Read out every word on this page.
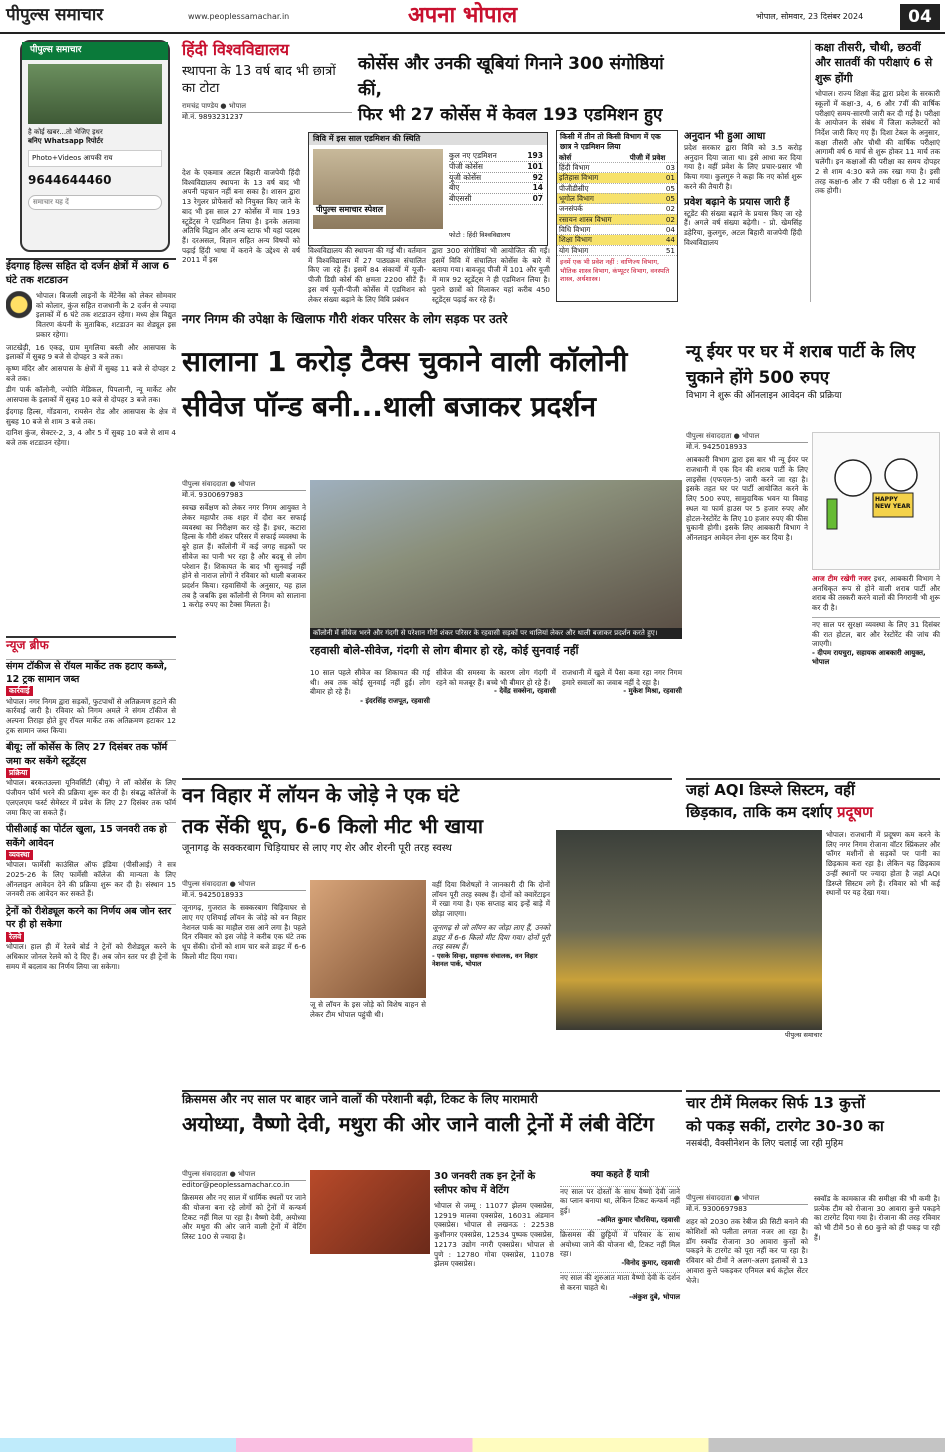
पीपुल्स समाचार	www.peoplessamachar.in	अपना भोपाल	भोपाल, सोमवार, 23 दिसंबर 2024	04
पीपुल्स समाचार
है कोई खबर...तो भेजिए इधर
बनिए Whatsapp रिपोर्टर
Photo+Videos आपकी राय
9644644460
समाचार यह दें
हिंदी विश्वविद्यालय
स्थापना के 13 वर्ष बाद भी छात्रों का टोटा
रामचंद्र पाण्डेय ● भोपाल
मो.नं. 9893231237
कोर्सेस और उनकी खूबियां गिनाने 300 संगोष्ठियां कीं,
फिर भी 27 कोर्सेस में केवल 193 एडमिशन हुए
विवि में इस साल एडमिशन की स्थिति
पीपुल्स समाचार स्पेशल
कुल नए एडमिशन	193
पीजी कोर्सेस	101
यूजी कोर्सेस	92
बीए	14
बीएससी	07
फोटो : हिंदी विश्वविद्यालय
देश के एकमात्र अटल बिहारी वाजपेयी हिंदी विश्वविद्यालय स्थापना के 13 वर्ष बाद भी अपनी पहचान नहीं बना सका है। शासन द्वारा 13 रेगुलर प्रोफेसरों को नियुक्त किए जाने के बाद भी इस साल 27 कोर्सेस में मात्र 193 स्टूडेंट्स ने एडमिशन लिया है। इनके अलावा अतिथि विद्वान और अन्य स्टाफ भी यहां पदस्थ हैं। दरअसल, विज्ञान सहित अन्य विषयों को पढ़ाई हिंदी भाषा में कराने के उद्देश्य से वर्ष 2011 में इस
विश्वविद्यालय की स्थापना की गई थी। वर्तमान में विश्वविद्यालय में 27 पाठ्यक्रम संचालित किए जा रहे हैं। इसमें 84 संकायों में यूजी-पीजी डिग्री कोर्स की क्षमता 2200 सीटें हैं। इस वर्ष यूजी-पीजी कोर्सेस में एडमिशन को लेकर संख्या बढ़ाने के लिए विवि प्रबंधन
द्वारा 300 संगोष्ठियां भी आयोजित की गईं। इसमें विवि में संचालित कोर्सेस के बारे में बताया गया। बावजूद पीजी में 101 और यूजी में मात्र 92 स्टूडेंट्स ने ही एडमिशन लिया है। पुराने छात्रों को मिलाकर यहां करीब 450 स्टूडेंट्स पढ़ाई कर रहे हैं।
किसी में तीन तो किसी विभाग में एक छात्र ने एडमिशन लिया
कोर्स	पीजी में प्रवेश
हिंदी विभाग	03
इतिहास विभाग	01
पीजीडीसीए	05
भूगोल विभाग	05
जनसंपर्क	02
रसायन शास्त्र विभाग	02
विधि विभाग	04
शिक्षा विभाग	44
योग विभाग	51
इनमें एक भी प्रवेश नहीं : वाणिज्य विभाग, भौतिक शास्त्र विभाग, कंप्यूटर विभाग, वनस्पति शास्त्र, अर्थशास्त्र।
अनुदान भी हुआ आधा
प्रदेश सरकार द्वारा विवि को 3.5 करोड़ अनुदान दिया जाता था। इसे आधा कर दिया गया है। वहीं प्रवेश के लिए प्रचार-प्रसार भी किया गया। कुलगुरु ने कहा कि नए कोर्स शुरू करने की तैयारी है।
प्रवेश बढ़ाने के प्रयास जारी हैं
स्टूडेंट की संख्या बढ़ाने के प्रयास किए जा रहे हैं। अगले वर्ष संख्या बढ़ेगी। - प्रो. खेमसिंह डहेरिया, कुलगुरु, अटल बिहारी वाजपेयी हिंदी विश्वविद्यालय
कक्षा तीसरी, चौथी, छठवीं और सातवीं की परीक्षाएं 6 से शुरू होंगी
भोपाल। राज्य शिक्षा केंद्र द्वारा प्रदेश के सरकारी स्कूलों में कक्षा-3, 4, 6 और 7वीं की वार्षिक परीक्षाएं समय-सारणी जारी कर दी गई है। परीक्षा के आयोजन के संबंध में जिला कलेक्टरों को निर्देश जारी किए गए हैं। दिशा टेबल के अनुसार, कक्षा तीसरी और चौथी की वार्षिक परीक्षाएं आगामी वर्ष 6 मार्च से शुरू होकर 11 मार्च तक चलेंगी। इन कक्षाओं की परीक्षा का समय दोपहर 2 से शाम 4:30 बजे तक रखा गया है। इसी तरह कक्षा-6 और 7 की परीक्षा 6 से 12 मार्च तक होगी।
ईदगाह हिल्स सहित दो दर्जन क्षेत्रों में आज 6 घंटे तक शटडाउन
भोपाल। बिजली लाइनों के मेंटेनेंस को लेकर सोमवार को कोलार, कुंज सहित राजधानी के 2 दर्जन से ज्यादा इलाकों में 6 घंटे तक शटडाउन रहेगा। मध्य क्षेत्र विद्युत वितरण कंपनी के मुताबिक, शटडाउन का शेड्यूल इस प्रकार रहेगा।
जाटखेड़ी, 16 एकड़, ग्राम मुगलिया बस्ती और आसपास के इलाकों में सुबह 9 बजे से दोपहर 3 बजे तक।
कृष्ण मंदिर और आसपास के क्षेत्रों में सुबह 11 बजे से दोपहर 2 बजे तक।
डीग पार्क कॉलोनी, ज्योति मेडिकल, पिपलानी, न्यू मार्केट और आसपास के इलाकों में सुबह 10 बजे से दोपहर 3 बजे तक।
ईदगाह हिल्स, गोंडवाना, रायसेन रोड और आसपास के क्षेत्र में सुबह 10 बजे से शाम 3 बजे तक।
दानिश कुंज, सेक्टर-2, 3, 4 और 5 में सुबह 10 बजे से शाम 4 बजे तक शटडाउन रहेगा।
न्यूज ब्रीफ
संगम टॉकीज से रॉयल मार्केट तक हटाए कब्जे, 12 ट्रक सामान जब्त
कार्रवाई
भोपाल। नगर निगम द्वारा सड़कों, फुटपाथों से अतिक्रमण हटाने की कार्रवाई जारी है। रविवार को निगम अमले ने संगम टॉकीज से अल्पना तिराहा होते हुए रॉयल मार्केट तक अतिक्रमण हटाकर 12 ट्रक सामान जब्त किया।
बीयू: लॉ कोर्सेस के लिए 27 दिसंबर तक फॉर्म जमा कर सकेंगे स्टूडेंट्स
प्रक्रिया
भोपाल। बरकतउल्ला यूनिवर्सिटी (बीयू) ने लॉ कोर्सेस के लिए पंजीयन फॉर्म भरने की प्रक्रिया शुरू कर दी है। संबद्ध कॉलेजों के एलएलएम फर्स्ट सेमेस्टर में प्रवेश के लिए 27 दिसंबर तक फॉर्म जमा किए जा सकते हैं।
पीसीआई का पोर्टल खुला, 15 जनवरी तक हो सकेंगे आवेदन
व्यवस्था
भोपाल। फार्मेसी काउंसिल ऑफ इंडिया (पीसीआई) ने सत्र 2025-26 के लिए फार्मेसी कॉलेज की मान्यता के लिए ऑनलाइन आवेदन देने की प्रक्रिया शुरू कर दी है। संस्थान 15 जनवरी तक आवेदन कर सकते हैं।
ट्रेनों को रीशेड्यूल करने का निर्णय अब जोन स्तर पर ही हो सकेगा
रेलवे
भोपाल। हाल ही में रेलवे बोर्ड ने ट्रेनों को रीशेड्यूल करने के अधिकार जोनल रेलवे को दे दिए हैं। अब जोन स्तर पर ही ट्रेनों के समय में बदलाव का निर्णय लिया जा सकेगा।
नगर निगम की उपेक्षा के खिलाफ गौरी शंकर परिसर के लोग सड़क पर उतरे
सालाना 1 करोड़ टैक्स चुकाने वाली कॉलोनी
सीवेज पॉन्ड बनी...थाली बजाकर प्रदर्शन
पीपुल्स संवाददाता ● भोपाल
मो.नं. 9300697983
स्वच्छ सर्वेक्षण को लेकर नगर निगम आयुक्त ने लेकर महापौर तक शहर में दौरा कर सफाई व्यवस्था का निरीक्षण कर रहे हैं। इधर, कटारा हिल्स के गौरी शंकर परिसर में सफाई व्यवस्था के बुरे हाल हैं। कॉलोनी में कई जगह सड़कों पर सीवेज का पानी भर रहा है और बदबू से लोग परेशान हैं। शिकायत के बाद भी सुनवाई नहीं होने से नाराज लोगों ने रविवार को थाली बजाकर प्रदर्शन किया। रहवासियों के अनुसार, यह हाल तब है जबकि इस कॉलोनी से निगम को सालाना 1 करोड़ रुपए का टैक्स मिलता है।
कॉलोनी में सीवेज भरने और गंदगी से परेशान गौरी शंकर परिसर के रहवासी सड़कों पर थालियां लेकर और थाली बजाकर प्रदर्शन करते हुए।
रहवासी बोले-सीवेज, गंदगी से लोग बीमार हो रहे, कोई सुनवाई नहीं
10 साल पहले सीवेज का शिकायत की गई थी। अब तक कोई सुनवाई नहीं हुई। लोग बीमार हो रहे हैं।
- इंदरसिंह राजपूत, रहवासी
सीवेज की समस्या के कारण लोग गंदगी में रहने को मजबूर हैं। बच्चे भी बीमार हो रहे हैं।
- देवेंद्र सक्सेना, रहवासी
राजधानी में खुले में पैसा कमा रहा नगर निगम हमारे सवालों का जवाब नहीं दे रहा है।
- मुकेश मिश्रा, रहवासी
न्यू ईयर पर घर में शराब पार्टी के लिए चुकाने होंगे 500 रुपए
विभाग ने शुरू की ऑनलाइन आवेदन की प्रक्रिया
पीपुल्स संवाददाता ● भोपाल
मो.नं. 9425018933
आबकारी विभाग द्वारा इस बार भी न्यू ईयर पर राजधानी में एक दिन की शराब पार्टी के लिए लाइसेंस (एफएल-5) जारी करने जा रहा है। इसके तहत घर पर पार्टी आयोजित करने के लिए 500 रुपए, सामुदायिक भवन या विवाह स्थल या फार्म हाउस पर 5 हजार रुपए और होटल-रेस्टोरेंट के लिए 10 हजार रुपए की फीस चुकानी होगी। इसके लिए आबकारी विभाग ने ऑनलाइन आवेदन लेना शुरू कर दिया है।
HAPPY NEW YEAR
आज टीम रखेगी नजर इधर, आबकारी विभाग ने अनधिकृत रूप से होने वाली शराब पार्टी और शराब की तस्करी करने वालों की निगरानी भी शुरू कर दी है।
नए साल पर सुरक्षा व्यवस्था के लिए 31 दिसंबर की रात होटल, बार और रेस्टोरेंट की जांच की जाएगी।
- दीपम रायचुरा, सहायक आबकारी आयुक्त, भोपाल
वन विहार में लॉयन के जोड़े ने एक घंटे
तक सेंकी धूप, 6-6 किलो मीट भी खाया
जूनागढ़ के सक्करबाग चिड़ियाघर से लाए गए शेर और शेरनी पूरी तरह स्वस्थ
पीपुल्स संवाददाता ● भोपाल
मो.नं. 9425018933
जूनागढ़, गुजरात के सक्करबाग चिड़ियाघर से लाए गए एशियाई लॉयन के जोड़े को वन विहार नेशनल पार्क का माहौल रास आने लगा है। पहले दिन रविवार को इस जोड़े ने करीब एक घंटे तक धूप सेंकी। दोनों को शाम चार बजे डाइट में 6-6 किलो मीट दिया गया।
जू से लॉयन के इस जोड़े को विशेष वाहन से लेकर टीम भोपाल पहुंची थी।
वहीं दिया विशेषज्ञों ने जानकारी दी कि दोनों लॉयन पूरी तरह स्वस्थ हैं। दोनों को क्वारेंटाइन में रखा गया है। एक सप्ताह बाद इन्हें बाड़े में छोड़ा जाएगा।
जूनागढ़ से जो लॉयन का जोड़ा लाए हैं, उनको डाइट में 6-6 किलो मीट दिया गया। दोनों पूरी तरह स्वस्थ हैं।
- एसके सिन्हा, सहायक संचालक, वन विहार नेशनल पार्क, भोपाल
जहां AQI डिस्प्ले सिस्टम, वहीं
छिड़काव, ताकि कम दर्शाए प्रदूषण
पीपुल्स समाचार
भोपाल। राजधानी में प्रदूषण कम करने के लिए नगर निगम रोजाना वॉटर स्प्रिंकलर और फॉगर मशीनों से सड़कों पर पानी का छिड़काव करा रहा है। लेकिन यह छिड़काव उन्हीं स्थानों पर ज्यादा होता है जहां AQI डिस्प्ले सिस्टम लगे हैं। रविवार को भी कई स्थानों पर यह देखा गया।
क्रिसमस और नए साल पर बाहर जाने वालों की परेशानी बढ़ी, टिकट के लिए मारामारी
अयोध्या, वैष्णो देवी, मथुरा की ओर जाने वाली ट्रेनों में लंबी वेटिंग
पीपुल्स संवाददाता ● भोपाल
editor@peoplessamachar.co.in
क्रिसमस और नए साल में धार्मिक स्थलों पर जाने की योजना बना रहे लोगों को ट्रेनों में कन्फर्म टिकट नहीं मिल पा रहा है। वैष्णो देवी, अयोध्या और मथुरा की ओर जाने वाली ट्रेनों में वेटिंग लिस्ट 100 से ज्यादा है।
30 जनवरी तक इन ट्रेनों के स्लीपर कोच में वेटिंग
भोपाल से जम्मू : 11077 झेलम एक्सप्रेस, 12919 मालवा एक्सप्रेस, 16031 अंडमान एक्सप्रेस। भोपाल से लखनऊ : 22538 कुशीनगर एक्सप्रेस, 12534 पुष्पक एक्सप्रेस, 12173 उद्योग नगरी एक्सप्रेस। भोपाल से पुणे : 12780 गोवा एक्सप्रेस, 11078 झेलम एक्सप्रेस।
क्या कहते हैं यात्री
नए साल पर दोस्तों के साथ वैष्णो देवी जाने का प्लान बनाया था, लेकिन टिकट कन्फर्म नहीं हुई।
-अमित कुमार चौरसिया, रहवासी
क्रिसमस की छुट्टियों में परिवार के साथ अयोध्या जाने की योजना थी, टिकट नहीं मिल रहा।
-विनोद कुमार, रहवासी
नए साल की शुरुआत माता वैष्णो देवी के दर्शन से करना चाहते थे।
-अंकुश दुबे, भोपाल
चार टीमें मिलकर सिर्फ 13 कुत्तों
को पकड़ सकीं, टारगेट 30-30 का
नसबंदी, वैक्सीनेशन के लिए चलाई जा रही मुहिम
पीपुल्स संवाददाता ● भोपाल
मो.नं. 9300697983
शहर को 2030 तक रेबीज फ्री सिटी बनाने की कोशिशों को पलीता लगता नजर आ रहा है। डॉग स्क्वॉड रोजाना 30 आवारा कुत्तों को पकड़ने के टारगेट को पूरा नहीं कर पा रहा है। रविवार को टीमों ने अलग-अलग इलाकों से 13 आवारा कुत्ते पकड़कर एनिमल बर्थ कंट्रोल सेंटर भेजे।
स्क्वॉड के कामकाज की समीक्षा की भी कमी है। प्रत्येक टीम को रोजाना 30 आवारा कुत्ते पकड़ने का टारगेट दिया गया है। रोजाना की तरह रविवार को भी टीमें 50 से 60 कुत्ते को ही पकड़ पा रही हैं।
